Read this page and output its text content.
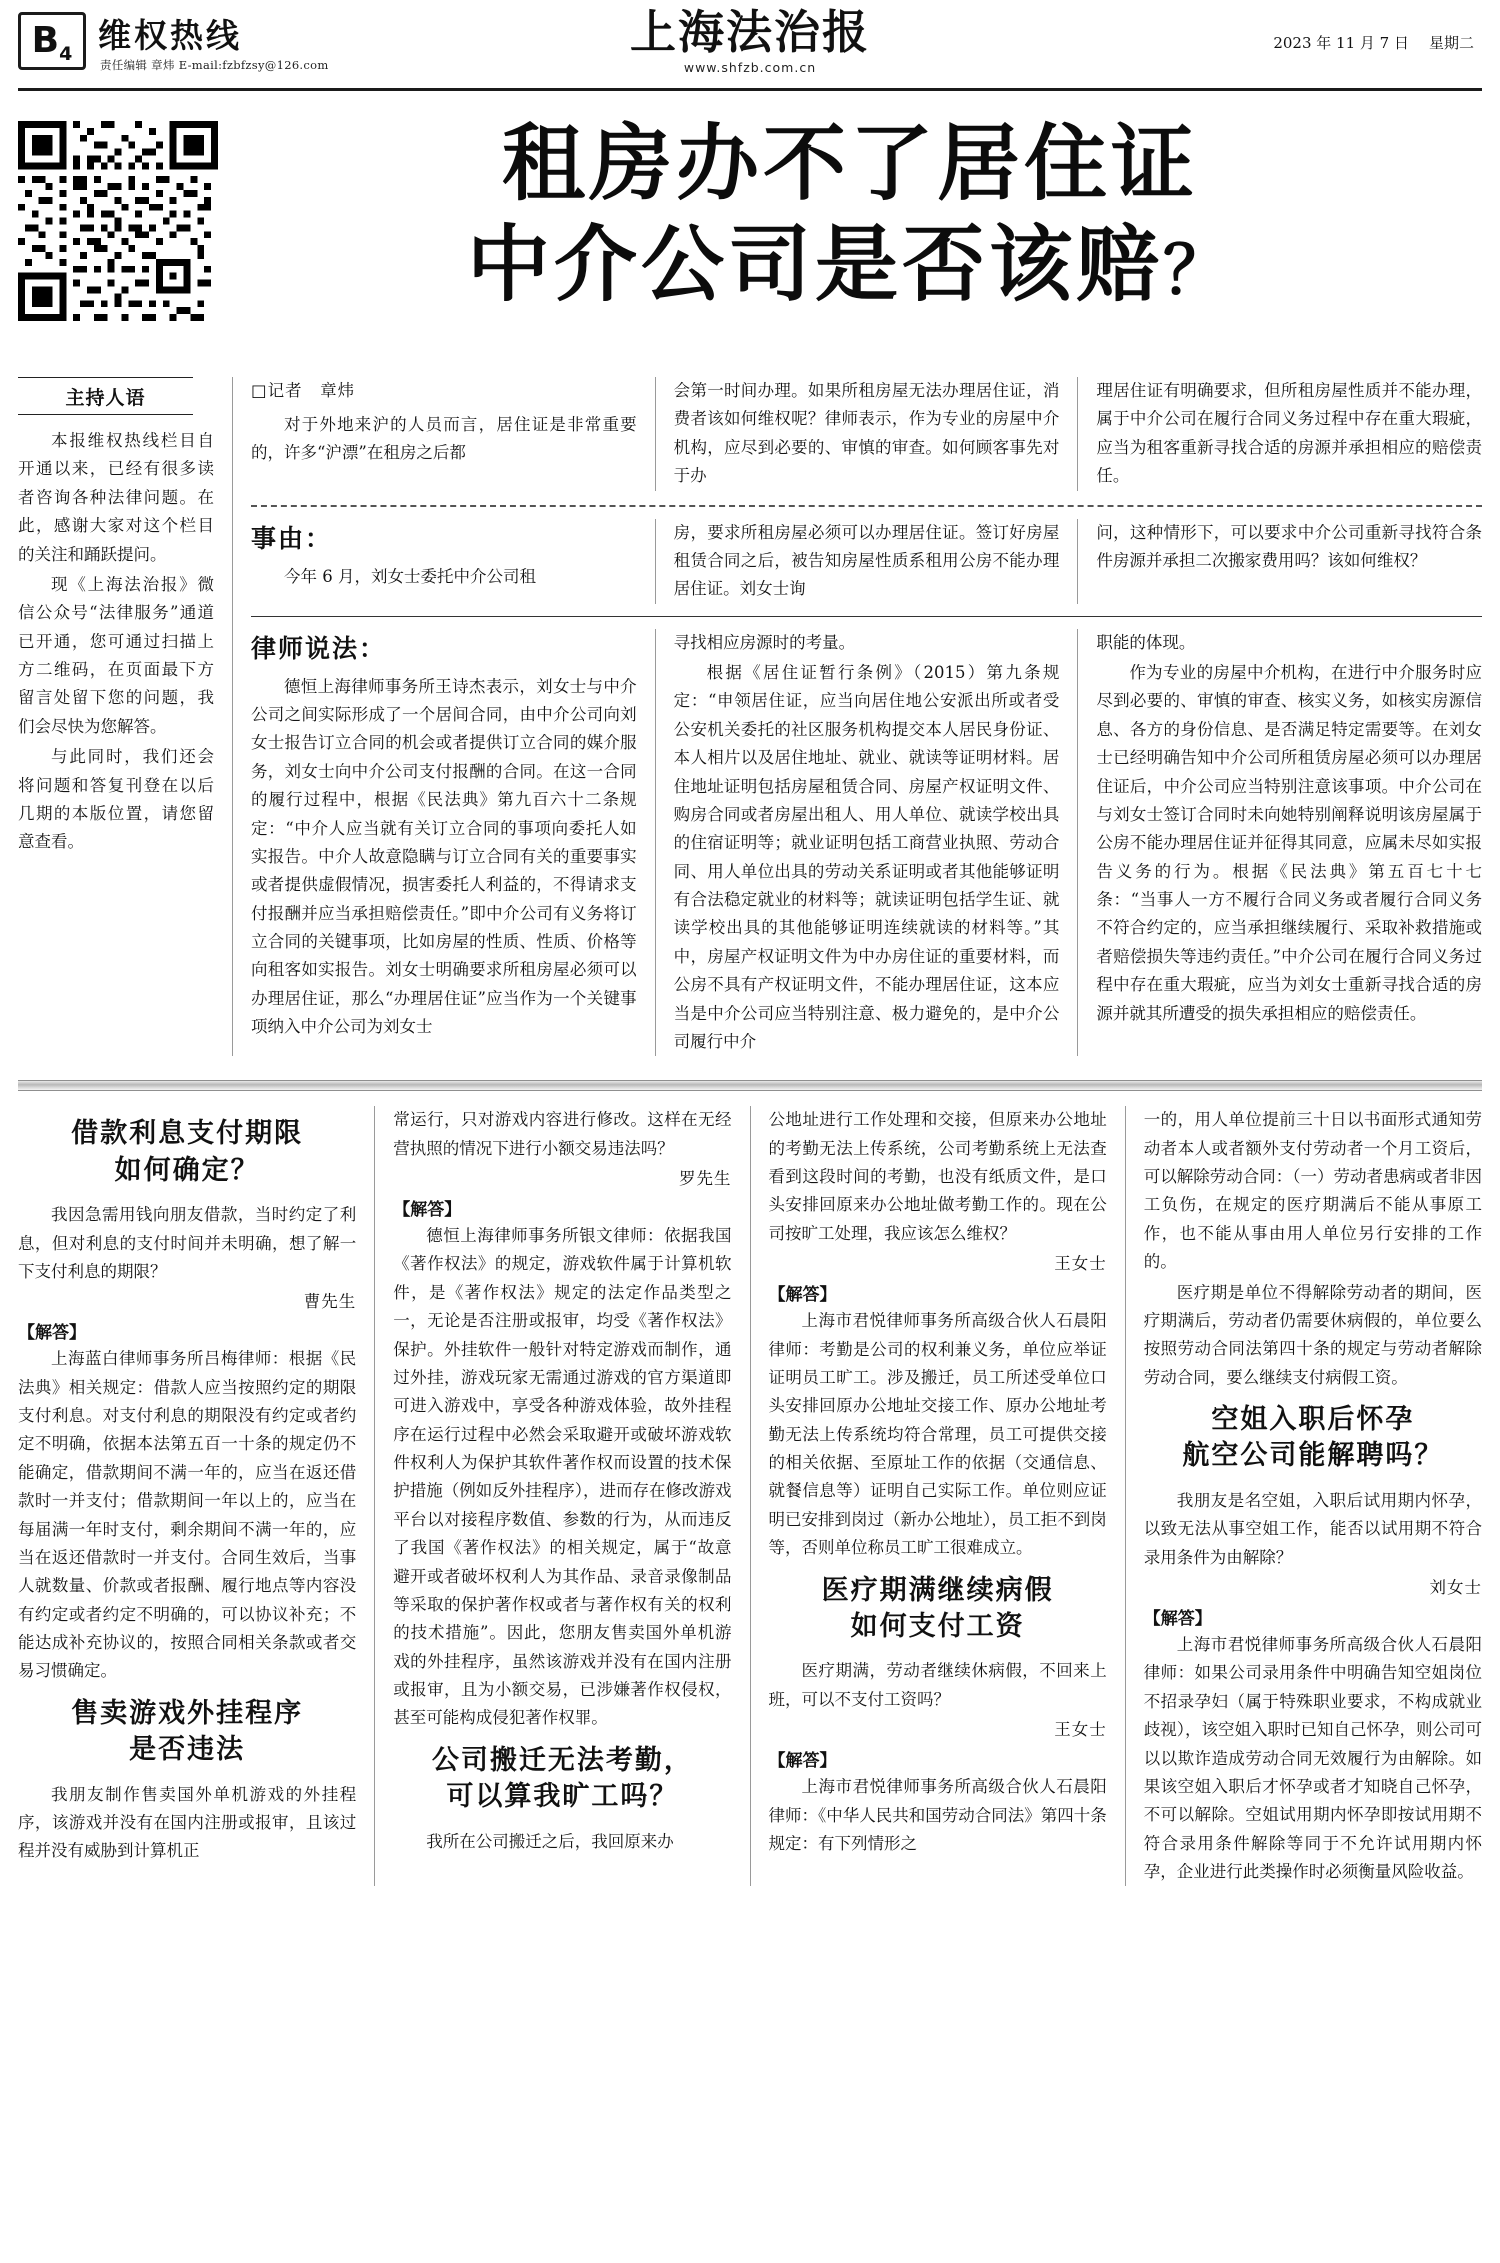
B 4 维权热线
责任编辑 章炜 E-mail:fzbfzsy@126.com
上海法治报
www.shfzb.com.cn
2023 年 11 月 7 日 星期二
租房办不了居住证
中介公司是否该赔？
主持人语

本报维权热线栏目自开通以来，已经有很多读者咨询各种法律问题。在此，感谢大家对这个栏目的关注和踊跃提问。

现《上海法治报》微信公众号“法律服务”通道已开通，您可通过扫描上方二维码，在页面最下方留言处留下您的问题，我们会尽快为您解答。

与此同时，我们还会将问题和答复刊登在以后几期的本版位置，请您留意查看。

□记者　章炜

对于外地来沪的人员而言，居住证是非常重要的，许多“沪漂”在租房之后都

会第一时间办理。如果所租房屋无法办理居住证，消费者该如何维权呢？律师表示，作为专业的房屋中介机构，应尽到必要的、审慎的审查。如何顾客事先对于办

理居住证有明确要求，但所租房屋性质并不能办理，属于中介公司在履行合同义务过程中存在重大瑕疵，应当为租客重新寻找合适的房源并承担相应的赔偿责任。

事由：

今年 6 月，刘女士委托中介公司租

房，要求所租房屋必须可以办理居住证。签订好房屋租赁合同之后，被告知房屋性质系租用公房不能办理居住证。刘女士询

问，这种情形下，可以要求中介公司重新寻找符合条件房源并承担二次搬家费用吗？该如何维权？

律师说法：

德恒上海律师事务所王诗杰表示，刘女士与中介公司之间实际形成了一个居间合同，由中介公司向刘女士报告订立合同的机会或者提供订立合同的媒介服务，刘女士向中介公司支付报酬的合同。在这一合同的履行过程中，根据《民法典》第九百六十二条规定：“中介人应当就有关订立合同的事项向委托人如实报告。中介人故意隐瞒与订立合同有关的重要事实或者提供虚假情况，损害委托人利益的，不得请求支付报酬并应当承担赔偿责任。”即中介公司有义务将订立合同的关键事项，比如房屋的性质、性质、价格等向租客如实报告。刘女士明确要求所租房屋必须可以办理居住证，那么“办理居住证”应当作为一个关键事项纳入中介公司为刘女士

寻找相应房源时的考量。

根据《居住证暂行条例》（2015）第九条规定：“申领居住证，应当向居住地公安派出所或者受公安机关委托的社区服务机构提交本人居民身份证、本人相片以及居住地址、就业、就读等证明材料。居住地址证明包括房屋租赁合同、房屋产权证明文件、购房合同或者房屋出租人、用人单位、就读学校出具的住宿证明等；就业证明包括工商营业执照、劳动合同、用人单位出具的劳动关系证明或者其他能够证明有合法稳定就业的材料等；就读证明包括学生证、就读学校出具的其他能够证明连续就读的材料等。”其中，房屋产权证明文件为中办房住证的重要材料，而公房不具有产权证明文件，不能办理居住证，这本应当是中介公司应当特别注意、极力避免的，是中介公司履行中介

职能的体现。

作为专业的房屋中介机构，在进行中介服务时应尽到必要的、审慎的审查、核实义务，如核实房源信息、各方的身份信息、是否满足特定需要等。在刘女士已经明确告知中介公司所租赁房屋必须可以办理居住证后，中介公司应当特别注意该事项。中介公司在与刘女士签订合同时未向她特别阐释说明该房屋属于公房不能办理居住证并征得其同意，应属未尽如实报告义务的行为。根据《民法典》第五百七十七条：“当事人一方不履行合同义务或者履行合同义务不符合约定的，应当承担继续履行、采取补救措施或者赔偿损失等违约责任。”中介公司在履行合同义务过程中存在重大瑕疵，应当为刘女士重新寻找合适的房源并就其所遭受的损失承担相应的赔偿责任。

借款利息支付期限
如何确定？

我因急需用钱向朋友借款，当时约定了利息，但对利息的支付时间并未明确，想了解一下支付利息的期限？

曹先生
【解答】

上海蓝白律师事务所吕梅律师：根据《民法典》相关规定：借款人应当按照约定的期限支付利息。对支付利息的期限没有约定或者约定不明确，依据本法第五百一十条的规定仍不能确定，借款期间不满一年的，应当在返还借款时一并支付；借款期间一年以上的，应当在每届满一年时支付，剩余期间不满一年的，应当在返还借款时一并支付。合同生效后，当事人就数量、价款或者报酬、履行地点等内容没有约定或者约定不明确的，可以协议补充；不能达成补充协议的，按照合同相关条款或者交易习惯确定。

售卖游戏外挂程序
是否违法

我朋友制作售卖国外单机游戏的外挂程序，该游戏并没有在国内注册或报审，且该过程并没有威胁到计算机正

常运行，只对游戏内容进行修改。这样在无经营执照的情况下进行小额交易违法吗？

罗先生
【解答】

德恒上海律师事务所银文律师：依据我国《著作权法》的规定，游戏软件属于计算机软件，是《著作权法》规定的法定作品类型之一，无论是否注册或报审，均受《著作权法》保护。外挂软件一般针对特定游戏而制作，通过外挂，游戏玩家无需通过游戏的官方渠道即可进入游戏中，享受各种游戏体验，故外挂程序在运行过程中必然会采取避开或破坏游戏软件权利人为保护其软件著作权而设置的技术保护措施（例如反外挂程序），进而存在修改游戏平台以对接程序数值、参数的行为，从而违反了我国《著作权法》的相关规定，属于“故意避开或者破坏权利人为其作品、录音录像制品等采取的保护著作权或者与著作权有关的权利的技术措施”。因此，您朋友售卖国外单机游戏的外挂程序，虽然该游戏并没有在国内注册或报审，且为小额交易，已涉嫌著作权侵权，甚至可能构成侵犯著作权罪。

公司搬迁无法考勤，
可以算我旷工吗？

我所在公司搬迁之后，我回原来办

公地址进行工作处理和交接，但原来办公地址的考勤无法上传系统，公司考勤系统上无法查看到这段时间的考勤，也没有纸质文件，是口头安排回原来办公地址做考勤工作的。现在公司按旷工处理，我应该怎么维权？

王女士
【解答】

上海市君悦律师事务所高级合伙人石晨阳律师：考勤是公司的权利兼义务，单位应举证证明员工旷工。涉及搬迁，员工所述受单位口头安排回原办公地址交接工作、原办公地址考勤无法上传系统均符合常理，员工可提供交接的相关依据、至原址工作的依据（交通信息、就餐信息等）证明自己实际工作。单位则应证明已安排到岗过（新办公地址），员工拒不到岗等，否则单位称员工旷工很难成立。

医疗期满继续病假
如何支付工资

医疗期满，劳动者继续休病假，不回来上班，可以不支付工资吗？

王女士
【解答】

上海市君悦律师事务所高级合伙人石晨阳律师：《中华人民共和国劳动合同法》第四十条规定：有下列情形之

一的，用人单位提前三十日以书面形式通知劳动者本人或者额外支付劳动者一个月工资后，可以解除劳动合同：（一）劳动者患病或者非因工负伤，在规定的医疗期满后不能从事原工作，也不能从事由用人单位另行安排的工作的。

医疗期是单位不得解除劳动者的期间，医疗期满后，劳动者仍需要休病假的，单位要么按照劳动合同法第四十条的规定与劳动者解除劳动合同，要么继续支付病假工资。

空姐入职后怀孕
航空公司能解聘吗？

我朋友是名空姐，入职后试用期内怀孕，以致无法从事空姐工作，能否以试用期不符合录用条件为由解除？

刘女士
【解答】

上海市君悦律师事务所高级合伙人石晨阳律师：如果公司录用条件中明确告知空姐岗位不招录孕妇（属于特殊职业要求，不构成就业歧视），该空姐入职时已知自己怀孕，则公司可以以欺诈造成劳动合同无效履行为由解除。如果该空姐入职后才怀孕或者才知晓自己怀孕，不可以解除。空姐试用期内怀孕即按试用期不符合录用条件解除等同于不允许试用期内怀孕，企业进行此类操作时必须衡量风险收益。
